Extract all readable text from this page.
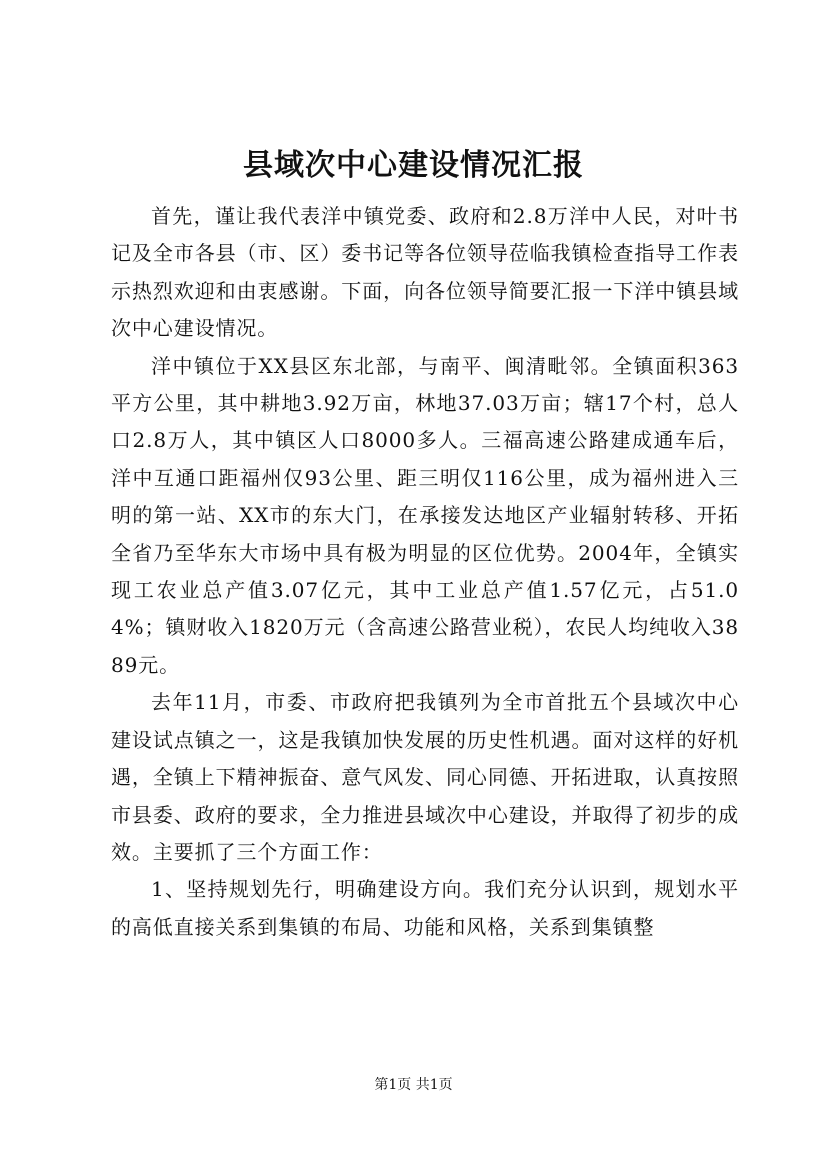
县域次中心建设情况汇报

首先，谨让我代表洋中镇党委、政府和2.8万洋中人民，对叶书记及全市各县（市、区）委书记等各位领导莅临我镇检查指导工作表示热烈欢迎和由衷感谢。下面，向各位领导简要汇报一下洋中镇县域次中心建设情况。

洋中镇位于XX县区东北部，与南平、闽清毗邻。全镇面积363平方公里，其中耕地3.92万亩，林地37.03万亩；辖17个村，总人口2.8万人，其中镇区人口8000多人。三福高速公路建成通车后，洋中互通口距福州仅93公里、距三明仅116公里，成为福州进入三明的第一站、XX市的东大门，在承接发达地区产业辐射转移、开拓全省乃至华东大市场中具有极为明显的区位优势。2004年，全镇实现工农业总产值3.07亿元，其中工业总产值1.57亿元，占51.04%；镇财收入1820万元（含高速公路营业税），农民人均纯收入3889元。

去年11月，市委、市政府把我镇列为全市首批五个县域次中心建设试点镇之一，这是我镇加快发展的历史性机遇。面对这样的好机遇，全镇上下精神振奋、意气风发、同心同德、开拓进取，认真按照市县委、政府的要求，全力推进县域次中心建设，并取得了初步的成效。主要抓了三个方面工作：

1、坚持规划先行，明确建设方向。我们充分认识到，规划水平的高低直接关系到集镇的布局、功能和风格，关系到集镇整

第1页 共1页
